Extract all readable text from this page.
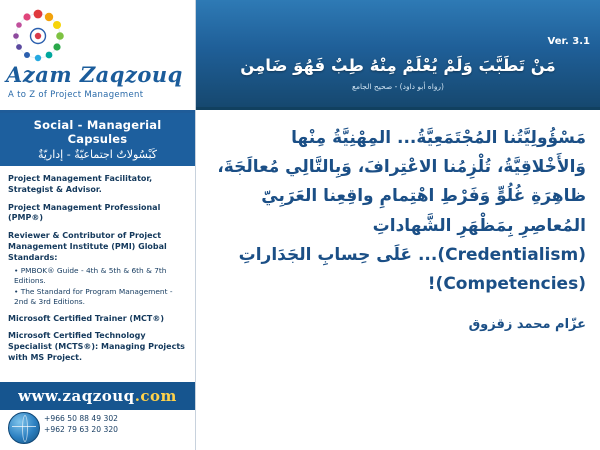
Azam Zaqzouq
A to Z of Project Management
Social - Managerial Capsules
كَبْسُولاتٌ اجتماعيّةٌ - إداريّةٌ
Project Management Facilitator, Strategist & Advisor.
Project Management Professional (PMP®)
Reviewer & Contributor of Project Management Institute (PMI) Global Standards:
• PMBOK® Guide - 4th & 5th & 6th & 7th Editions.
• The Standard for Program Management - 2nd & 3rd Editions.
Microsoft Certified Trainer (MCT®)
Microsoft Certified Technology Specialist (MCTS®): Managing Projects with MS Project.
www.zaqzouq.com
+966 50 88 49 302
+962 79 63 20 320
Ver. 3.1
مَنْ تَطَبَّبَ وَلَمْ يُعْلَمْ مِنْهُ طِبٌ فَهُوَ ضَامِن
(رواه أبو داود) - صحيح الجامع
مَسْؤُولِيَّتُنا المُجْتَمَعِيَّةُ... المِهْنِيَّةُ مِنْها وَالأَخْلاقِيَّةُ، تُلْزِمُنا الاعْتِرافَ، وَبِالتَّالِي مُعالَجَةَ، ظاهِرَةِ غُلُوٍّ وَفَرْطِ اهْتِمامِ واقِعِنا العَرَبِيّ المُعاصِرِ بِمَظْهَرِ الشَّهاداتِ (Credentialism)... عَلَى حِسابِ الجَدَاراتِ (Competencies)!
عزّام محمد زقزوق
